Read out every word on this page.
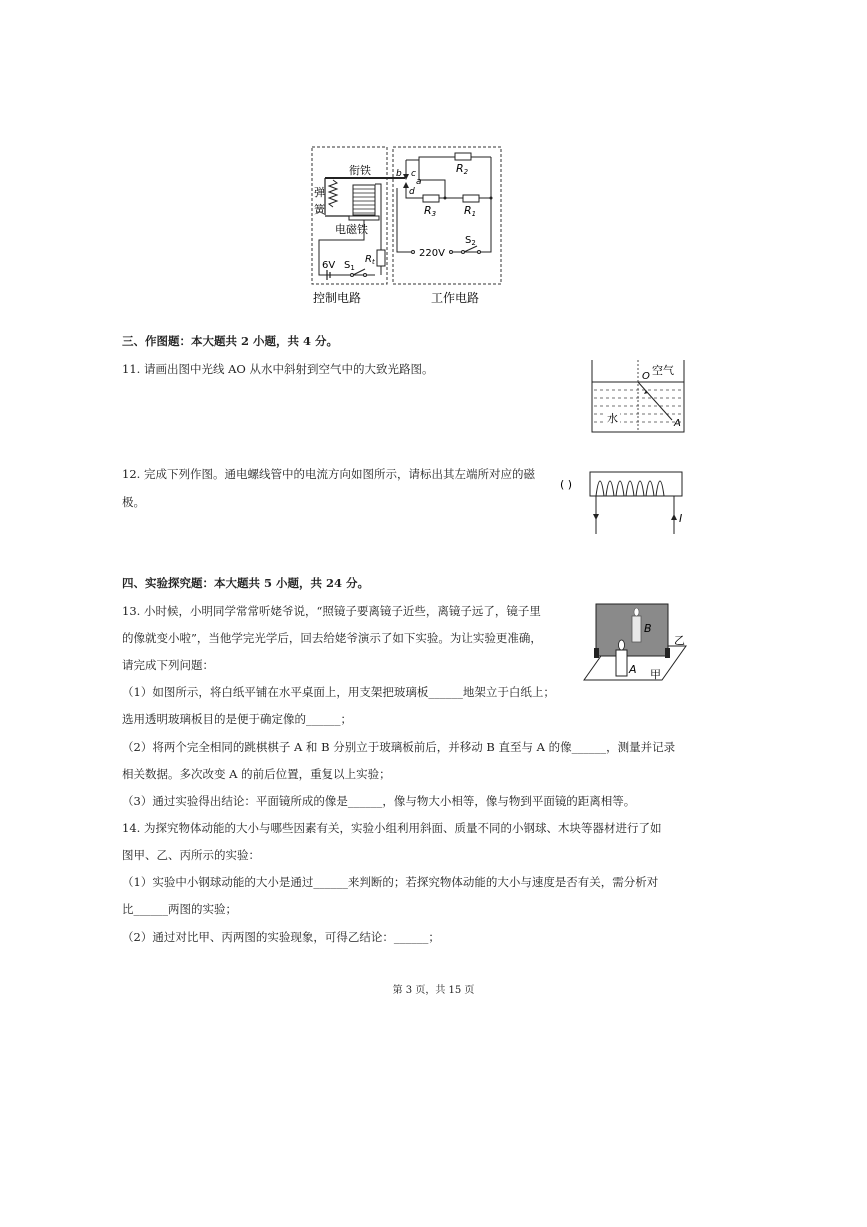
衔铁
弹
簧
电磁铁
6V $S_1$
$R_t$
b c
a
d
R2
R3	R1
220V
$S_2$
控制电路	工作电路
三、作图题：本大题共 2 小题，共 4 分。
11. 请画出图中光线 AO 从水中斜射到空气中的大致光路图。
水
空气
O
A
12. 完成下列作图。通电螺线管中的电流方向如图所示，请标出其左端所对应的磁
极。
( )
I
四、实验探究题：本大题共 5 小题，共 24 分。
13. 小时候，小明同学常常听姥爷说，“照镜子要离镜子近些，离镜子远了，镜子里
的像就变小啦”，当他学完光学后，回去给姥爷演示了如下实验。为让实验更准确，
请完成下列问题：
B
A
乙
甲
（1）如图所示，将白纸平铺在水平桌面上，用支架把玻璃板______地架立于白纸上；
选用透明玻璃板目的是便于确定像的______；
（2）将两个完全相同的跳棋棋子 A 和 B 分别立于玻璃板前后，并移动 B 直至与 A 的像______，测量并记录
相关数据。多次改变 A 的前后位置，重复以上实验；
（3）通过实验得出结论：平面镜所成的像是______，像与物大小相等，像与物到平面镜的距离相等。
14. 为探究物体动能的大小与哪些因素有关，实验小组利用斜面、质量不同的小钢球、木块等器材进行了如
图甲、乙、丙所示的实验：
（1）实验中小钢球动能的大小是通过______来判断的；若探究物体动能的大小与速度是否有关，需分析对
比______两图的实验；
（2）通过对比甲、丙两图的实验现象，可得乙结论：______；
第 3 页，共 15 页
